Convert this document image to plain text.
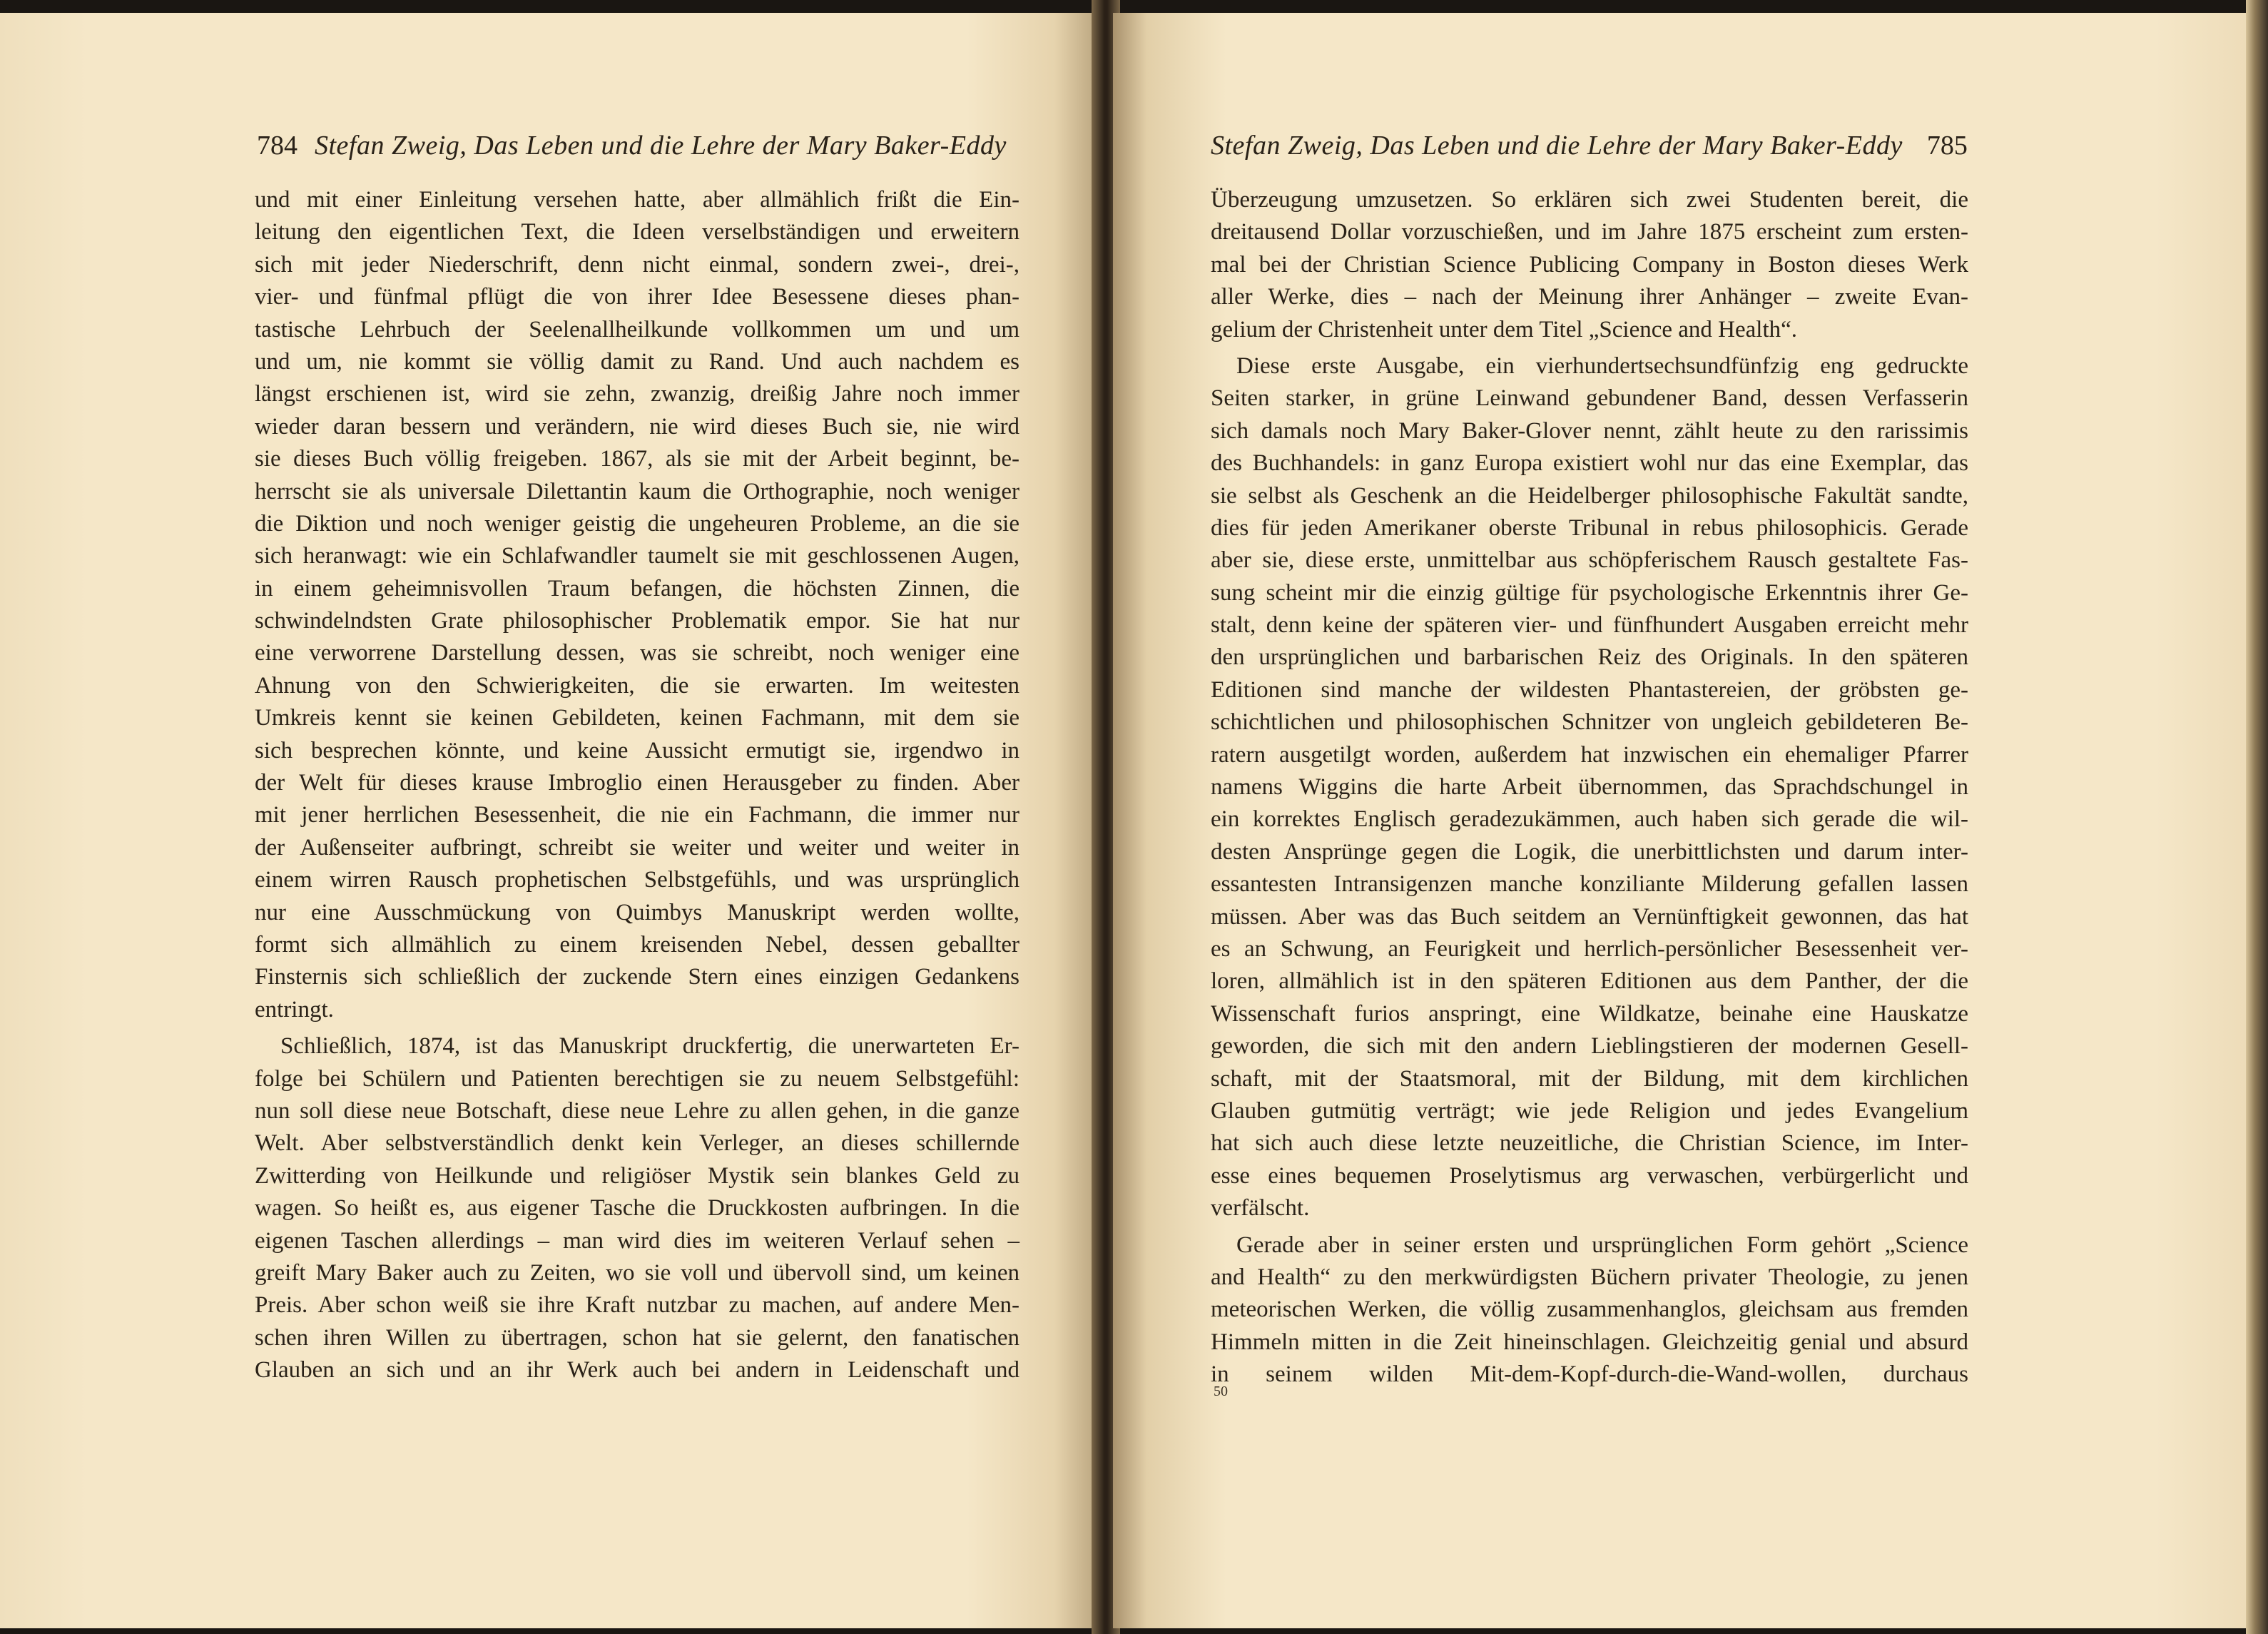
784 Stefan Zweig, Das Leben und die Lehre der Mary Baker-Eddy
und mit einer Einleitung versehen hatte, aber allmählich frißt die Ein-
leitung den eigentlichen Text, die Ideen verselbständigen und erweitern
sich mit jeder Niederschrift, denn nicht einmal, sondern zwei-, drei-,
vier- und fünfmal pflügt die von ihrer Idee Besessene dieses phan-
tastische Lehrbuch der Seelenallheilkunde vollkommen um und um
und um, nie kommt sie völlig damit zu Rand. Und auch nachdem es
längst erschienen ist, wird sie zehn, zwanzig, dreißig Jahre noch immer
wieder daran bessern und verändern, nie wird dieses Buch sie, nie wird
sie dieses Buch völlig freigeben. 1867, als sie mit der Arbeit beginnt, be-
herrscht sie als universale Dilettantin kaum die Orthographie, noch weniger
die Diktion und noch weniger geistig die ungeheuren Probleme, an die sie
sich heranwagt: wie ein Schlafwandler taumelt sie mit geschlossenen Augen,
in einem geheimnisvollen Traum befangen, die höchsten Zinnen, die
schwindelndsten Grate philosophischer Problematik empor. Sie hat nur
eine verworrene Darstellung dessen, was sie schreibt, noch weniger eine
Ahnung von den Schwierigkeiten, die sie erwarten. Im weitesten
Umkreis kennt sie keinen Gebildeten, keinen Fachmann, mit dem sie
sich besprechen könnte, und keine Aussicht ermutigt sie, irgendwo in
der Welt für dieses krause Imbroglio einen Herausgeber zu finden. Aber
mit jener herrlichen Besessenheit, die nie ein Fachmann, die immer nur
der Außenseiter aufbringt, schreibt sie weiter und weiter und weiter in
einem wirren Rausch prophetischen Selbstgefühls, und was ursprünglich
nur eine Ausschmückung von Quimbys Manuskript werden wollte,
formt sich allmählich zu einem kreisenden Nebel, dessen geballter
Finsternis sich schließlich der zuckende Stern eines einzigen Gedankens
entringt.
Schließlich, 1874, ist das Manuskript druckfertig, die unerwarteten Er-
folge bei Schülern und Patienten berechtigen sie zu neuem Selbstgefühl:
nun soll diese neue Botschaft, diese neue Lehre zu allen gehen, in die ganze
Welt. Aber selbstverständlich denkt kein Verleger, an dieses schillernde
Zwitterding von Heilkunde und religiöser Mystik sein blankes Geld zu
wagen. So heißt es, aus eigener Tasche die Druckkosten aufbringen. In die
eigenen Taschen allerdings – man wird dies im weiteren Verlauf sehen –
greift Mary Baker auch zu Zeiten, wo sie voll und übervoll sind, um keinen
Preis. Aber schon weiß sie ihre Kraft nutzbar zu machen, auf andere Men-
schen ihren Willen zu übertragen, schon hat sie gelernt, den fanatischen
Glauben an sich und an ihr Werk auch bei andern in Leidenschaft und
Stefan Zweig, Das Leben und die Lehre der Mary Baker-Eddy 785
Überzeugung umzusetzen. So erklären sich zwei Studenten bereit, die
dreitausend Dollar vorzuschießen, und im Jahre 1875 erscheint zum ersten-
mal bei der Christian Science Publicing Company in Boston dieses Werk
aller Werke, dies – nach der Meinung ihrer Anhänger – zweite Evan-
gelium der Christenheit unter dem Titel „Science and Health“.
Diese erste Ausgabe, ein vierhundertsechsundfünfzig eng gedruckte
Seiten starker, in grüne Leinwand gebundener Band, dessen Verfasserin
sich damals noch Mary Baker-Glover nennt, zählt heute zu den rarissimis
des Buchhandels: in ganz Europa existiert wohl nur das eine Exemplar, das
sie selbst als Geschenk an die Heidelberger philosophische Fakultät sandte,
dies für jeden Amerikaner oberste Tribunal in rebus philosophicis. Gerade
aber sie, diese erste, unmittelbar aus schöpferischem Rausch gestaltete Fas-
sung scheint mir die einzig gültige für psychologische Erkenntnis ihrer Ge-
stalt, denn keine der späteren vier- und fünfhundert Ausgaben erreicht mehr
den ursprünglichen und barbarischen Reiz des Originals. In den späteren
Editionen sind manche der wildesten Phantastereien, der gröbsten ge-
schichtlichen und philosophischen Schnitzer von ungleich gebildeteren Be-
ratern ausgetilgt worden, außerdem hat inzwischen ein ehemaliger Pfarrer
namens Wiggins die harte Arbeit übernommen, das Sprachdschungel in
ein korrektes Englisch geradezukämmen, auch haben sich gerade die wil-
desten Ansprünge gegen die Logik, die unerbittlichsten und darum inter-
essantesten Intransigenzen manche konziliante Milderung gefallen lassen
müssen. Aber was das Buch seitdem an Vernünftigkeit gewonnen, das hat
es an Schwung, an Feurigkeit und herrlich-persönlicher Besessenheit ver-
loren, allmählich ist in den späteren Editionen aus dem Panther, der die
Wissenschaft furios anspringt, eine Wildkatze, beinahe eine Hauskatze
geworden, die sich mit den andern Lieblingstieren der modernen Gesell-
schaft, mit der Staatsmoral, mit der Bildung, mit dem kirchlichen
Glauben gutmütig verträgt; wie jede Religion und jedes Evangelium
hat sich auch diese letzte neuzeitliche, die Christian Science, im Inter-
esse eines bequemen Proselytismus arg verwaschen, verbürgerlicht und
verfälscht.
Gerade aber in seiner ersten und ursprünglichen Form gehört „Science
and Health“ zu den merkwürdigsten Büchern privater Theologie, zu jenen
meteorischen Werken, die völlig zusammenhanglos, gleichsam aus fremden
Himmeln mitten in die Zeit hineinschlagen. Gleichzeitig genial und absurd
in seinem wilden Mit-dem-Kopf-durch-die-Wand-wollen, durchaus
50
